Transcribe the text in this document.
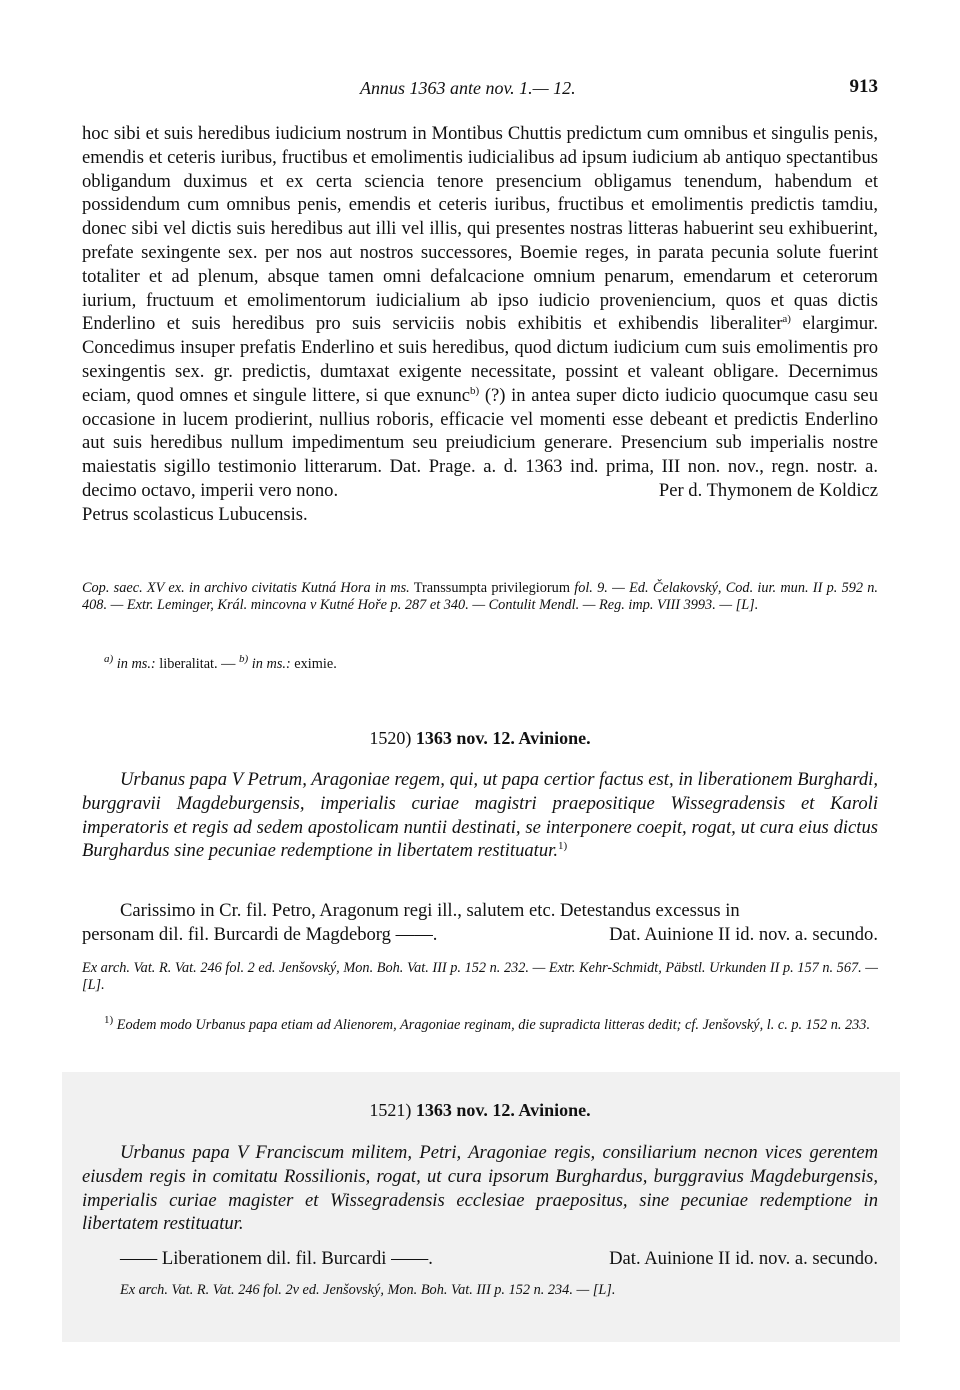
Annus 1363 ante nov. 1.— 12.	913
hoc sibi et suis heredibus iudicium nostrum in Montibus Chuttis predictum cum omnibus et singulis penis, emendis et ceteris iuribus, fructibus et emolimentis iudicialibus ad ipsum iudicium ab antiquo spectantibus obligandum duximus et ex certa sciencia tenore presencium obligamus tenendum, habendum et possidendum cum omnibus penis, emendis et ceteris iuribus, fructibus et emolimentis predictis tamdiu, donec sibi vel dictis suis heredibus aut illi vel illis, qui presentes nostras litteras habuerint seu exhibuerint, prefate sexingente sex. per nos aut nostros successores, Boemie reges, in parata pecunia solute fuerint totaliter et ad plenum, absque tamen omni defalcacione omnium penarum, emendarum et ceterorum iurium, fructuum et emolimentorum iudicialium ab ipso iudicio proveniencium, quos et quas dictis Enderlino et suis heredibus pro suis serviciis nobis exhibitis et exhibendis liberaliter$^{a)}$ elargimur. Concedimus insuper prefatis Enderlino et suis heredibus, quod dictum iudicium cum suis emolimentis pro sexingentis sex. gr. predictis, dumtaxat exigente necessitate, possint et valeant obligare. Decernimus eciam, quod omnes et singule littere, si que exnunc$^{b)}$ (?) in antea super dicto iudicio quocumque casu seu occasione in lucem prodierint, nullius roboris, efficacie vel momenti esse debeant et predictis Enderlino aut suis heredibus nullum impedimentum seu preiudicium generare. Presencium sub imperialis nostre maiestatis sigillo testimonio litterarum. Dat. Prage. a. d. 1363 ind. prima, III non. nov., regn. nostr. a. decimo octavo, imperii vero nono.	Per d. Thymonem de Koldicz
Petrus scolasticus Lubucensis.
Cop. saec. XV ex. in archivo civitatis Kutná Hora in ms. Transsumpta privilegiorum fol. 9. — Ed. Čelakovský, Cod. iur. mun. II p. 592 n. 408. — Extr. Leminger, Král. mincovna v Kutné Hoře p. 287 et 340. — Contulit Mendl. — Reg. imp. VIII 3993. — [L].
$^{a)}$ in ms.: liberalitat. — $^{b)}$ in ms.: eximie.
1520) 1363 nov. 12. Avinione.
Urbanus papa V Petrum, Aragoniae regem, qui, ut papa certior factus est, in liberationem Burghardi, burggravii Magdeburgensis, imperialis curiae magistri praepositique Wissegradensis et Karoli imperatoris et regis ad sedem apostolicam nuntii destinati, se interponere coepit, rogat, ut cura eius dictus Burghardus sine pecuniae redemptione in libertatem restituatur.$^{1)}$
Carissimo in Cr. fil. Petro, Aragonum regi ill., salutem etc. Detestandus excessus in
personam dil. fil. Burcardi de Magdeborg ——.	Dat. Auinione II id. nov. a. secundo.
Ex arch. Vat. R. Vat. 246 fol. 2 ed. Jenšovský, Mon. Boh. Vat. III p. 152 n. 232. — Extr. Kehr-Schmidt, Päbstl. Urkunden II p. 157 n. 567. — [L].
$^{1)}$ Eodem modo Urbanus papa etiam ad Alienorem, Aragoniae reginam, die supradicta litteras dedit; cf. Jenšovský, l. c. p. 152 n. 233.
1521) 1363 nov. 12. Avinione.
Urbanus papa V Franciscum militem, Petri, Aragoniae regis, consiliarium necnon vices gerentem eiusdem regis in comitatu Rossilionis, rogat, ut cura ipsorum Burghardus, burggravius Magdeburgensis, imperialis curiae magister et Wissegradensis ecclesiae praepositus, sine pecuniae redemptione in libertatem restituatur.
—— Liberationem dil. fil. Burcardi ——.	Dat. Auinione II id. nov. a. secundo.
Ex arch. Vat. R. Vat. 246 fol. 2v ed. Jenšovský, Mon. Boh. Vat. III p. 152 n. 234. — [L].
